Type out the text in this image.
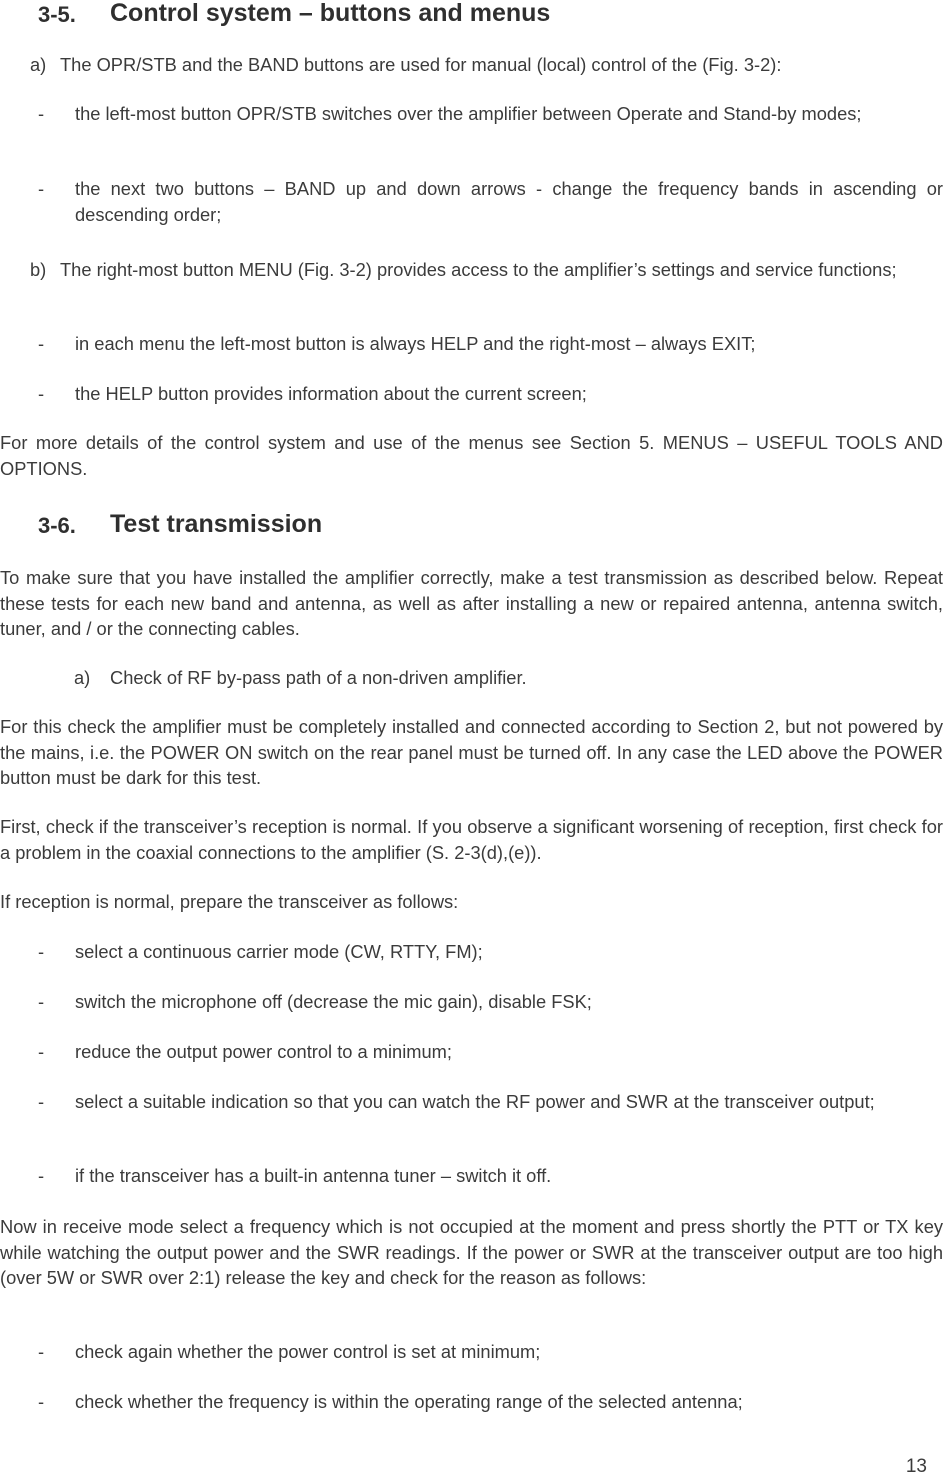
3-5. Control system – buttons and menus
a) The OPR/STB and the BAND buttons are used for manual (local) control of the (Fig. 3-2):
- the left-most button OPR/STB switches over the amplifier between Operate and Stand-by modes;
- the next two buttons – BAND up and down arrows - change the frequency bands in ascending or descending order;
b) The right-most button MENU (Fig. 3-2) provides access to the amplifier’s settings and service functions;
- in each menu the left-most button is always HELP and the right-most – always EXIT;
- the HELP button provides information about the current screen;
For more details of the control system and use of the menus see Section 5. MENUS – USEFUL TOOLS AND OPTIONS.
3-6. Test transmission
To make sure that you have installed the amplifier correctly, make a test transmission as described below. Repeat these tests for each new band and antenna, as well as after installing a new or repaired antenna, antenna switch, tuner, and / or the connecting cables.
a) Check of RF by-pass path of a non-driven amplifier.
For this check the amplifier must be completely installed and connected according to Section 2, but not powered by the mains, i.e. the POWER ON switch on the rear panel must be turned off. In any case the LED above the POWER button must be dark for this test.
First, check if the transceiver’s reception is normal. If you observe a significant worsening of reception, first check for a problem in the coaxial connections to the amplifier (S. 2-3(d),(e)).
If reception is normal, prepare the transceiver as follows:
- select a continuous carrier mode (CW, RTTY, FM);
- switch the microphone off (decrease the mic gain), disable FSK;
- reduce the output power control to a minimum;
- select a suitable indication so that you can watch the RF power and SWR at the transceiver output;
- if the transceiver has a built-in antenna tuner – switch it off.
Now in receive mode select a frequency which is not occupied at the moment and press shortly the PTT or TX key while watching the output power and the SWR readings. If the power or SWR at the transceiver output are too high (over 5W or SWR over 2:1) release the key and check for the reason as follows:
- check again whether the power control is set at minimum;
- check whether the frequency is within the operating range of the selected antenna;
13
